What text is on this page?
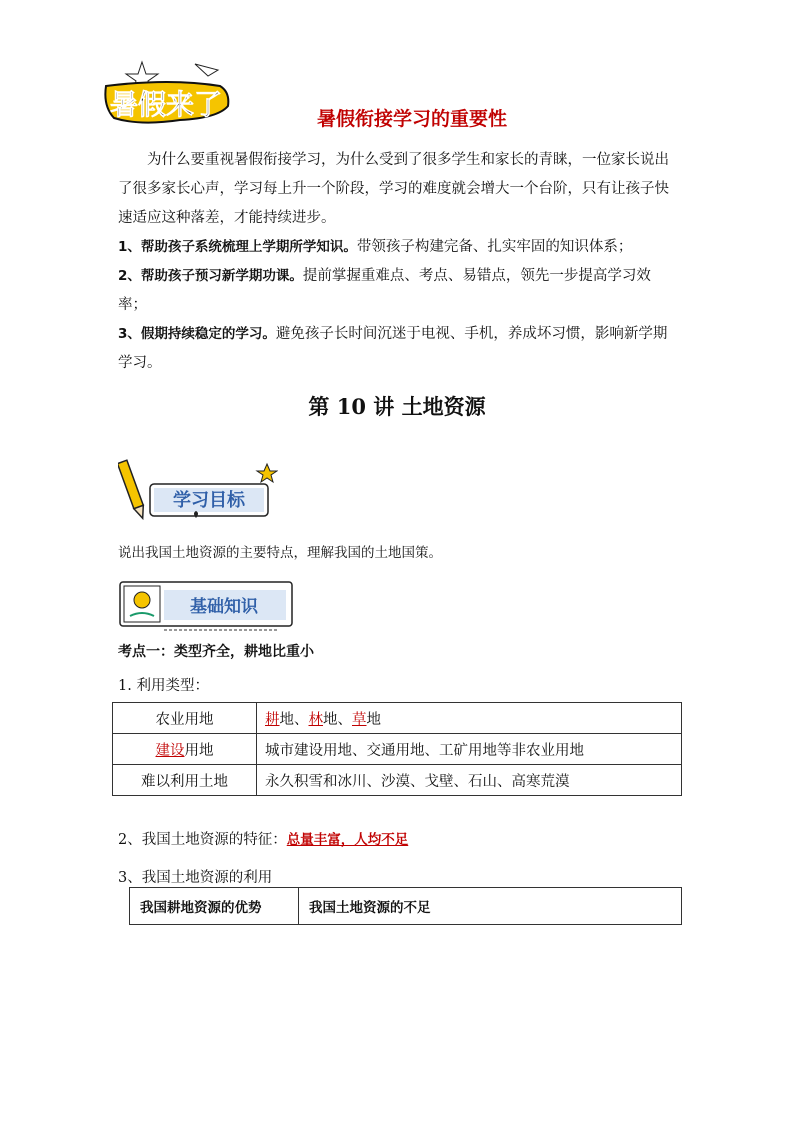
暑假来了	暑假衔接学习的重要性

为什么要重视暑假衔接学习，为什么受到了很多学生和家长的青睐，一位家长说出了很多家长心声，学习每上升一个阶段，学习的难度就会增大一个台阶，只有让孩子快速适应这种落差，才能持续进步。

1、帮助孩子系统梳理上学期所学知识。带领孩子构建完备、扎实牢固的知识体系；

2、帮助孩子预习新学期功课。提前掌握重难点、考点、易错点，领先一步提高学习效率；

3、假期持续稳定的学习。避免孩子长时间沉迷于电视、手机，养成坏习惯，影响新学期学习。

第 10 讲 土地资源
学习目标
说出我国土地资源的主要特点，理解我国的土地国策。
基础知识
考点一：类型齐全，耕地比重小
1. 利用类型：
农业用地	耕地、林地、草地
建设用地	城市建设用地、交通用地、工矿用地等非农业用地
难以利用土地	永久积雪和冰川、沙漠、戈壁、石山、高寒荒漠
2、我国土地资源的特征：总量丰富，人均不足
3、我国土地资源的利用
我国耕地资源的优势	我国土地资源的不足
